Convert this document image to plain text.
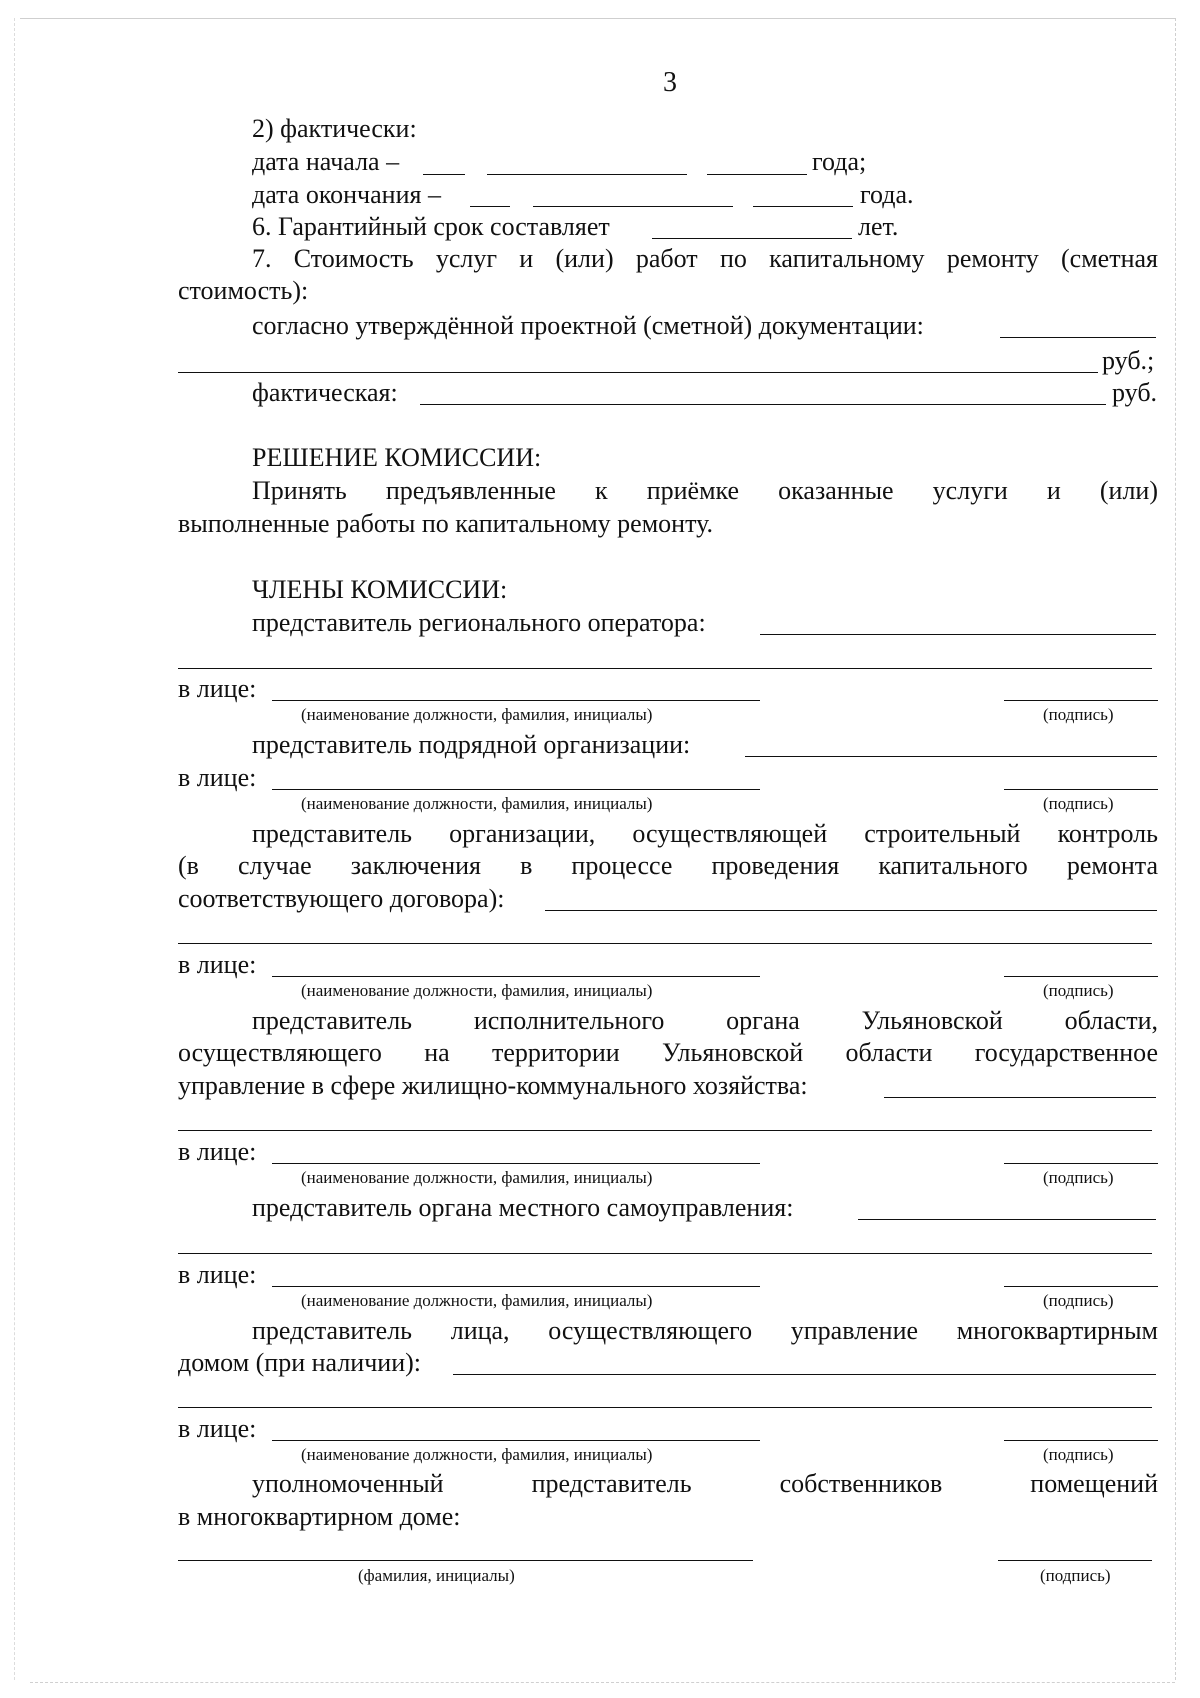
3
2) фактически:
дата начала –	года;
дата окончания –	года.
6. Гарантийный срок составляет	лет.
7. Стоимость услуг и (или) работ по капитальному ремонту (сметная
стоимость):
согласно утверждённой проектной (сметной) документации:
руб.;
фактическая:	руб.
РЕШЕНИЕ КОМИССИИ:
Принять предъявленные к приёмке оказанные услуги и (или)
выполненные работы по капитальному ремонту.
ЧЛЕНЫ КОМИССИИ:
представитель регионального оператора:
в лице:
(наименование должности, фамилия, инициалы)	(подпись)
представитель подрядной организации:
в лице:
(наименование должности, фамилия, инициалы)	(подпись)
представитель организации, осуществляющей строительный контроль
(в случае заключения в процессе проведения капитального ремонта
соответствующего договора):
в лице:
(наименование должности, фамилия, инициалы)	(подпись)
представитель исполнительного органа Ульяновской области,
осуществляющего на территории Ульяновской области государственное
управление в сфере жилищно-коммунального хозяйства:
в лице:
(наименование должности, фамилия, инициалы)	(подпись)
представитель органа местного самоуправления:
в лице:
(наименование должности, фамилия, инициалы)	(подпись)
представитель лица, осуществляющего управление многоквартирным
домом (при наличии):
в лице:
(наименование должности, фамилия, инициалы)	(подпись)
уполномоченный представитель собственников помещений
в многоквартирном доме:
(фамилия, инициалы)	(подпись)
